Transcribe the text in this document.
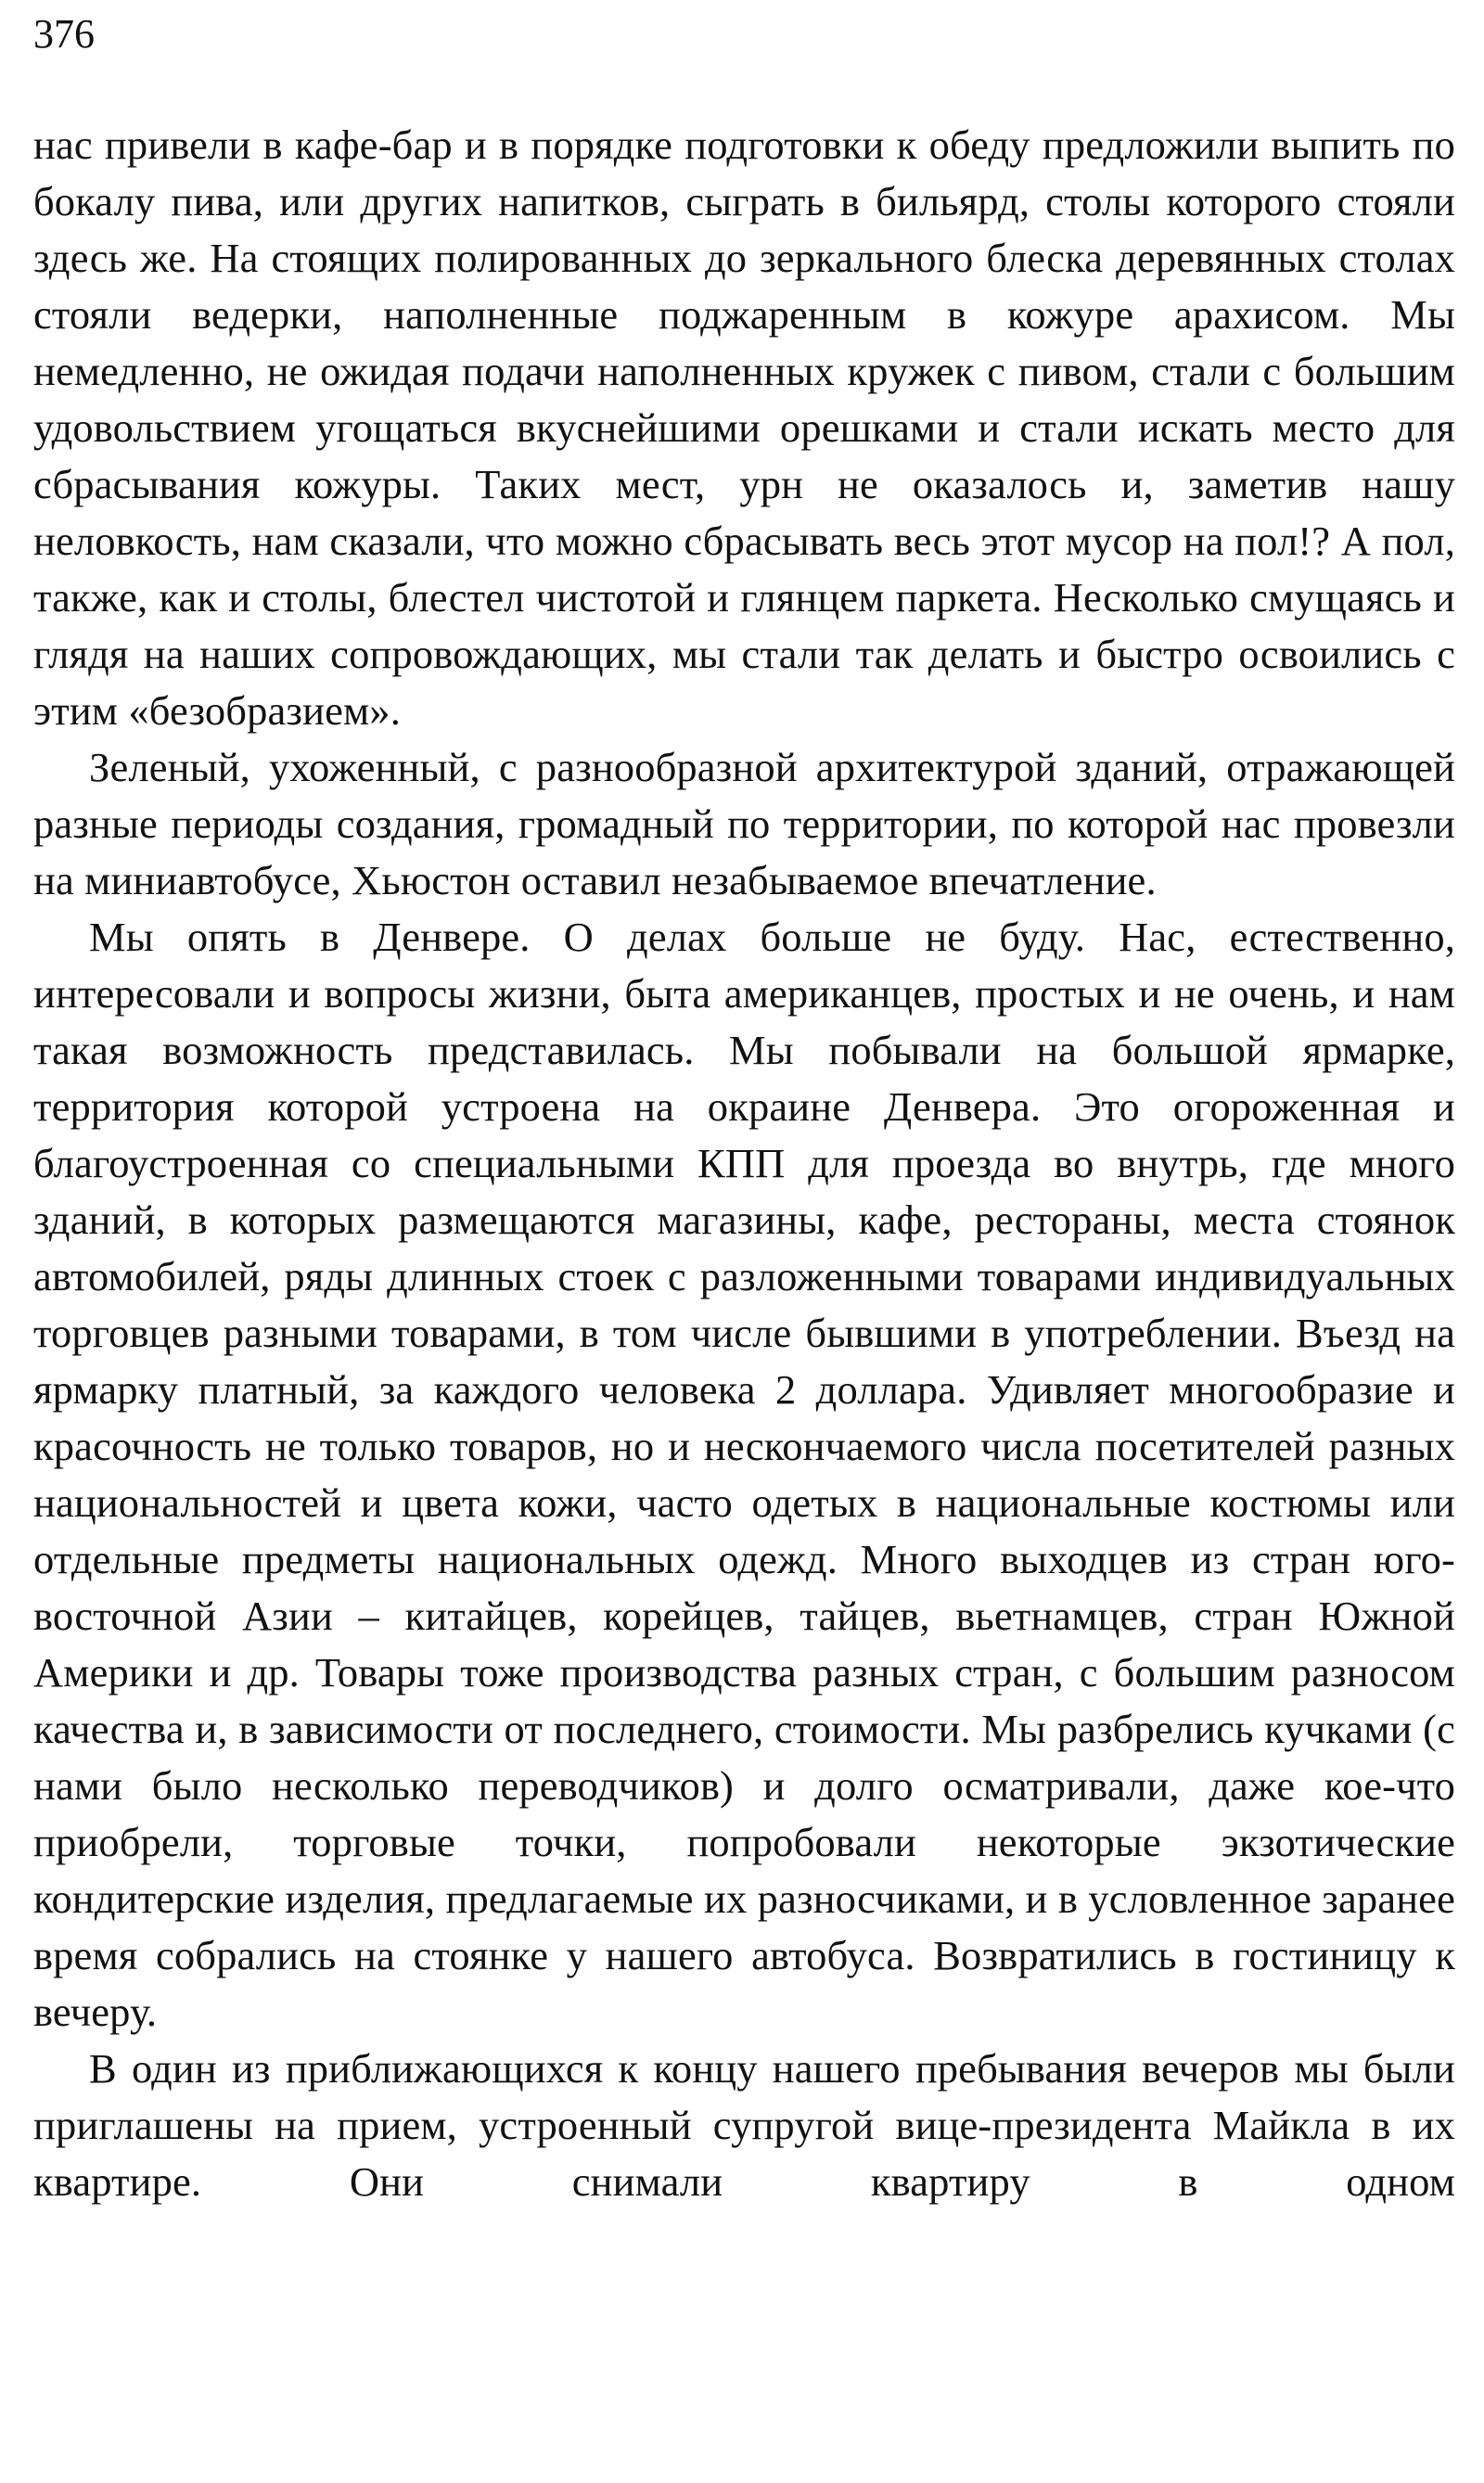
376

нас привели в кафе-бар и в порядке подготовки к обеду предложили выпить по бокалу пива, или других напитков, сыграть в бильярд, столы которого стояли здесь же. На стоящих полированных до зеркального блеска деревянных столах стояли ведерки, наполненные поджаренным в кожуре арахисом. Мы немедленно, не ожидая подачи наполненных кружек с пивом, стали с большим удовольствием угощаться вкуснейшими орешками и стали искать место для сбрасывания кожуры. Таких мест, урн не оказалось и, заметив нашу неловкость, нам сказали, что можно сбрасывать весь этот мусор на пол!? А пол, также, как и столы, блестел чистотой и глянцем паркета. Несколько смущаясь и глядя на наших сопровождающих, мы стали так делать и быстро освоились с этим «безобразием».

Зеленый, ухоженный, с разнообразной архитектурой зданий, отражающей разные периоды создания, громадный по территории, по которой нас провезли на миниавтобусе, Хьюстон оставил незабываемое впечатление.

Мы опять в Денвере. О делах больше не буду. Нас, естественно, интересовали и вопросы жизни, быта американцев, простых и не очень, и нам такая возможность представилась. Мы побывали на большой ярмарке, территория которой устроена на окраине Денвера. Это огороженная и благоустроенная со специальными КПП для проезда во внутрь, где много зданий, в которых размещаются магазины, кафе, рестораны, места стоянок автомобилей, ряды длинных стоек с разложенными товарами индивидуальных торговцев разными товарами, в том числе бывшими в употреблении. Въезд на ярмарку платный, за каждого человека 2 доллара. Удивляет многообразие и красочность не только товаров, но и нескончаемого числа посетителей разных национальностей и цвета кожи, часто одетых в национальные костюмы или отдельные предметы национальных одежд. Много выходцев из стран юго-восточной Азии – китайцев, корейцев, тайцев, вьетнамцев, стран Южной Америки и др. Товары тоже производства разных стран, с большим разносом качества и, в зависимости от последнего, стоимости. Мы разбрелись кучками (с нами было несколько переводчиков) и долго осматривали, даже кое-что приобрели, торговые точки, попробовали некоторые экзотические кондитерские изделия, предлагаемые их разносчиками, и в условленное заранее время собрались на стоянке у нашего автобуса. Возвратились в гостиницу к вечеру.

В один из приближающихся к концу нашего пребывания вечеров мы были приглашены на прием, устроенный супругой вице-президента Майкла в их квартире. Они снимали квартиру в одном
